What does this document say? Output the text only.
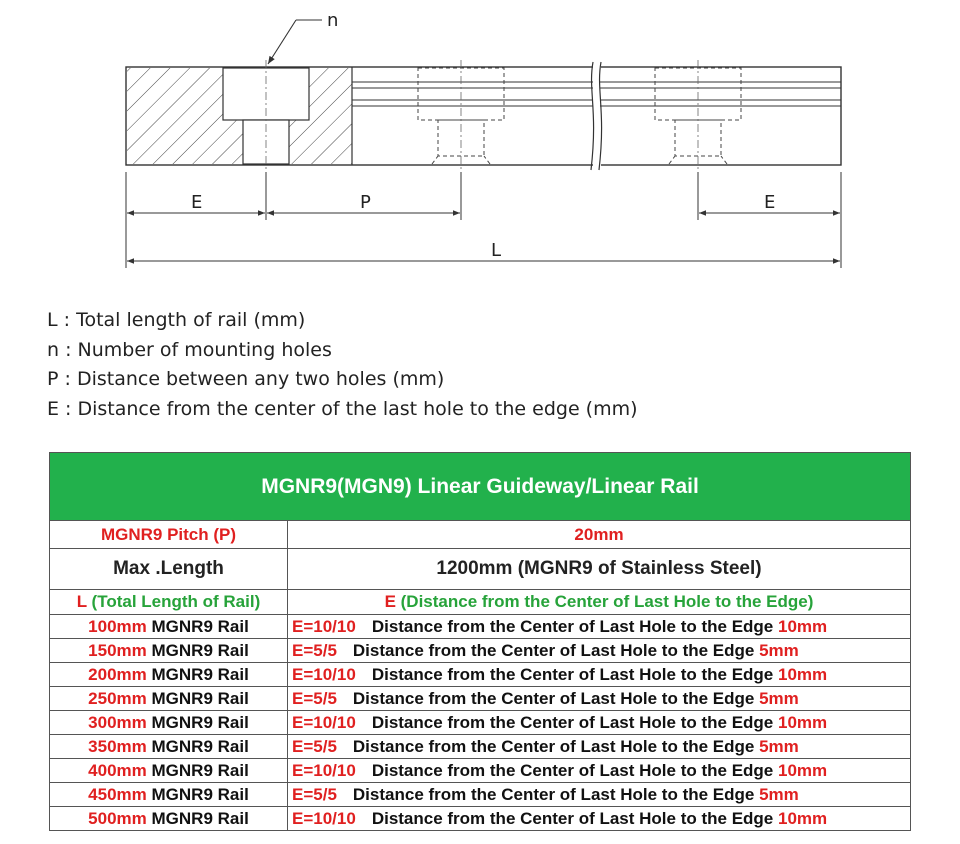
n
E	P	E
L
L : Total length of rail (mm)
n : Number of mounting holes
P : Distance between any two holes (mm)
E : Distance from the center of the last hole to the edge (mm)
MGNR9(MGN9) Linear Guideway/Linear Rail	
MGNR9 Pitch (P)	20mm
Max .Length	1200mm (MGNR9 of Stainless Steel)
L (Total Length of Rail)	E (Distance from the Center of Last Hole to the Edge)
100mm MGNR9 Rail	E=10/10 Distance from the Center of Last Hole to the Edge 10mm
150mm MGNR9 Rail	E=5/5 Distance from the Center of Last Hole to the Edge 5mm
200mm MGNR9 Rail	E=10/10 Distance from the Center of Last Hole to the Edge 10mm
250mm MGNR9 Rail	E=5/5 Distance from the Center of Last Hole to the Edge 5mm
300mm MGNR9 Rail	E=10/10 Distance from the Center of Last Hole to the Edge 10mm
350mm MGNR9 Rail	E=5/5 Distance from the Center of Last Hole to the Edge 5mm
400mm MGNR9 Rail	E=10/10 Distance from the Center of Last Hole to the Edge 10mm
450mm MGNR9 Rail	E=5/5 Distance from the Center of Last Hole to the Edge 5mm
500mm MGNR9 Rail	E=10/10 Distance from the Center of Last Hole to the Edge 10mm
